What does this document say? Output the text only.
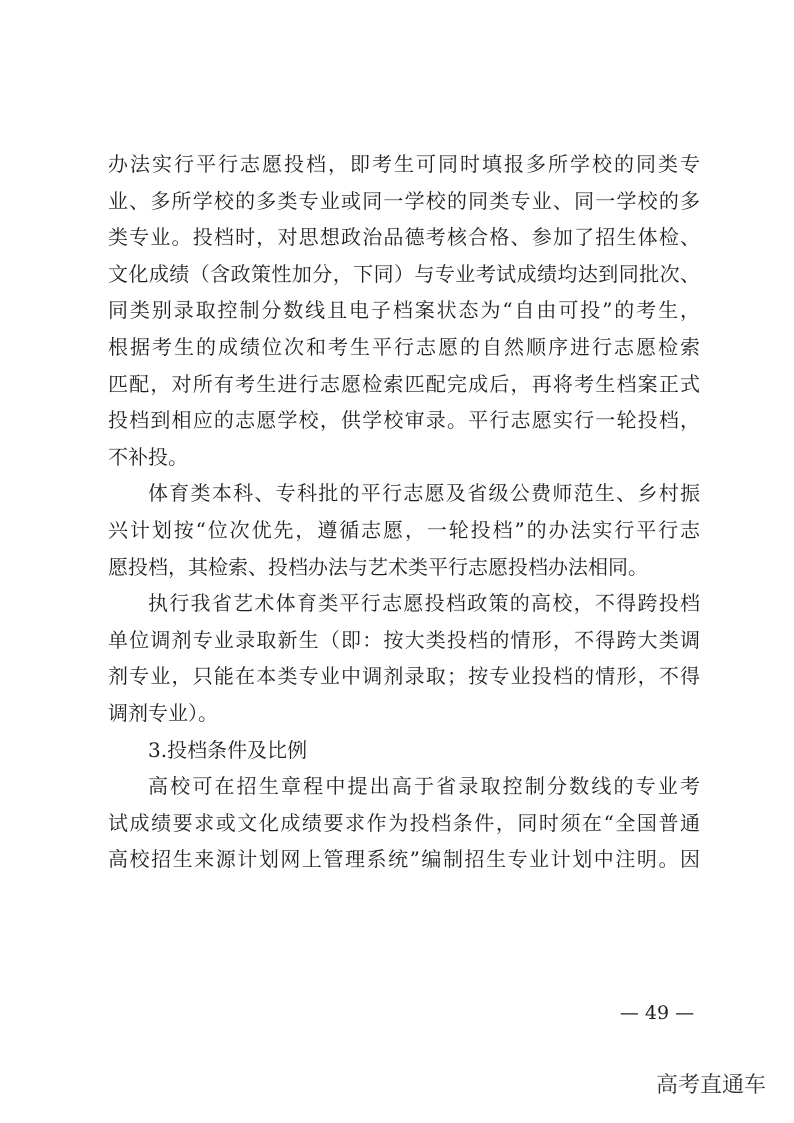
办法实行平行志愿投档，即考生可同时填报多所学校的同类专
业、多所学校的多类专业或同一学校的同类专业、同一学校的多
类专业。投档时，对思想政治品德考核合格、参加了招生体检、
文化成绩（含政策性加分，下同）与专业考试成绩均达到同批次、
同类别录取控制分数线且电子档案状态为“自由可投”的考生，
根据考生的成绩位次和考生平行志愿的自然顺序进行志愿检索
匹配，对所有考生进行志愿检索匹配完成后，再将考生档案正式
投档到相应的志愿学校，供学校审录。平行志愿实行一轮投档，
不补投。
体育类本科、专科批的平行志愿及省级公费师范生、乡村振
兴计划按“位次优先，遵循志愿，一轮投档”的办法实行平行志
愿投档，其检索、投档办法与艺术类平行志愿投档办法相同。
执行我省艺术体育类平行志愿投档政策的高校，不得跨投档
单位调剂专业录取新生（即：按大类投档的情形，不得跨大类调
剂专业，只能在本类专业中调剂录取；按专业投档的情形，不得
调剂专业）。
3.投档条件及比例
高校可在招生章程中提出高于省录取控制分数线的专业考
试成绩要求或文化成绩要求作为投档条件，同时须在“全国普通
高校招生来源计划网上管理系统”编制招生专业计划中注明。因
— 49 —
高考直通车
